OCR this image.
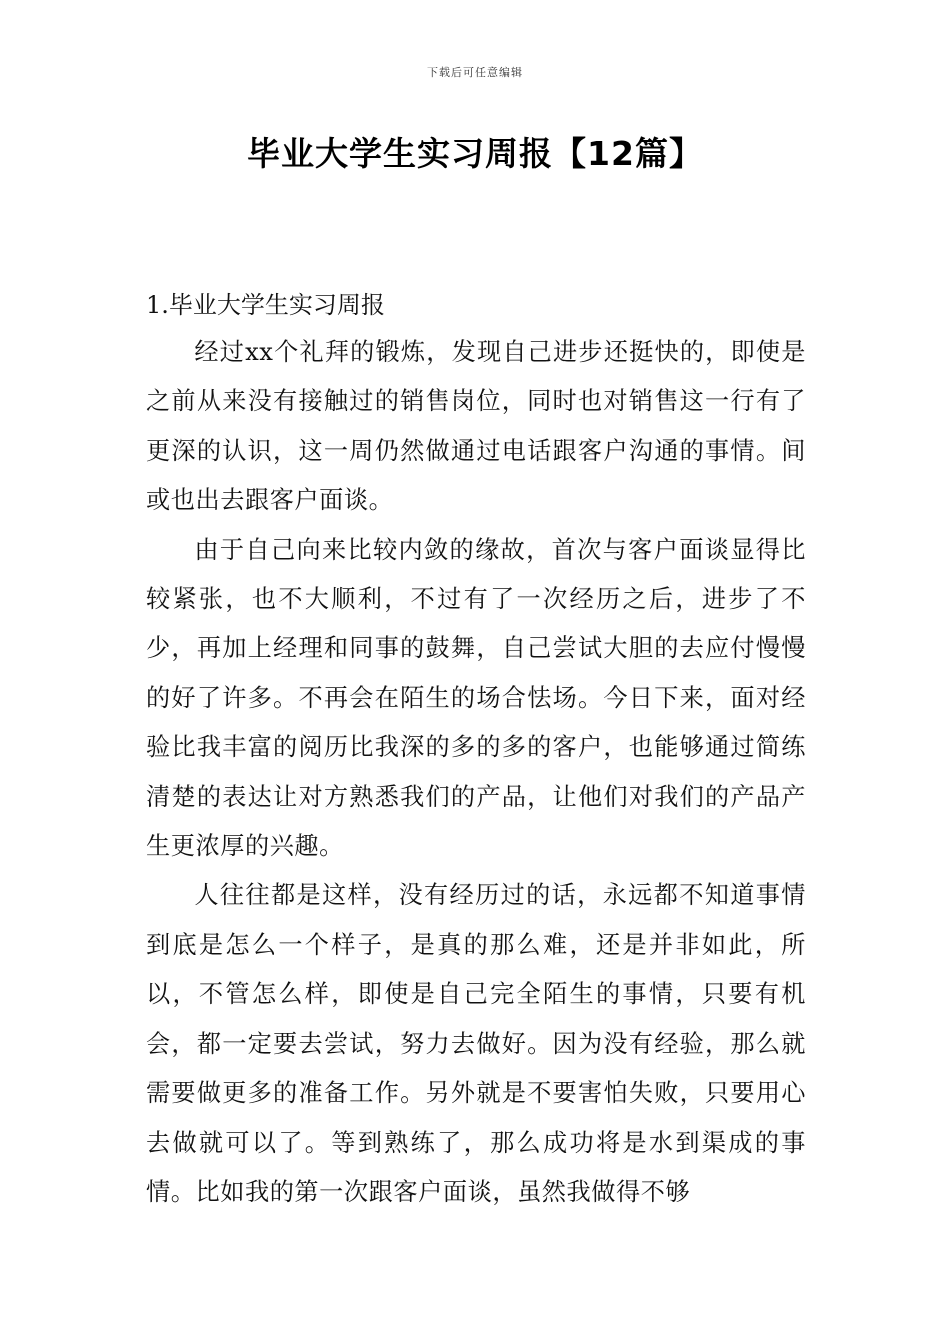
下载后可任意编辑
毕业大学生实习周报【12篇】
1.毕业大学生实习周报

经过xx个礼拜的锻炼，发现自己进步还挺快的，即使是之前从来没有接触过的销售岗位，同时也对销售这一行有了更深的认识，这一周仍然做通过电话跟客户沟通的事情。间或也出去跟客户面谈。

由于自己向来比较内敛的缘故，首次与客户面谈显得比较紧张，也不大顺利，不过有了一次经历之后，进步了不少，再加上经理和同事的鼓舞，自己尝试大胆的去应付慢慢的好了许多。不再会在陌生的场合怯场。今日下来，面对经验比我丰富的阅历比我深的多的多的客户，也能够通过简练清楚的表达让对方熟悉我们的产品，让他们对我们的产品产生更浓厚的兴趣。

人往往都是这样，没有经历过的话，永远都不知道事情到底是怎么一个样子，是真的那么难，还是并非如此，所以，不管怎么样，即使是自己完全陌生的事情，只要有机会，都一定要去尝试，努力去做好。因为没有经验，那么就需要做更多的准备工作。另外就是不要害怕失败，只要用心去做就可以了。等到熟练了，那么成功将是水到渠成的事情。比如我的第一次跟客户面谈，虽然我做得不够
